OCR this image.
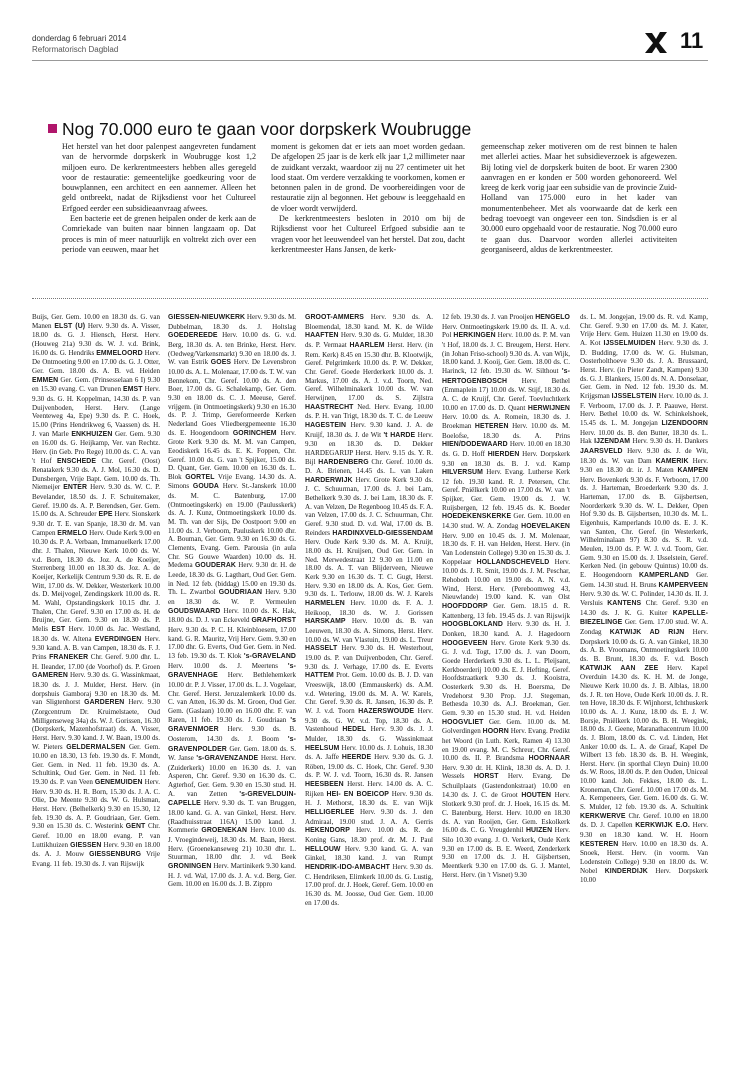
donderdag 6 februari 2014
Reformatorisch Dagblad	11
Nog 70.000 euro te gaan voor dorpskerk Woubrugge

Het herstel van het door palenpest aangevreten fundament van de hervormde dorpskerk in Woubrugge kost 1,2 miljoen euro. De kerkrentmeesters hebben alles geregeld voor de restauratie: gemeentelijke goedkeuring voor de bouwplannen, een architect en een aannemer. Alleen het geld ontbreekt, nadat de Rijksdienst voor het Cultureel Erfgoed eerder een subsidieaanvraag afwees.

Een bacterie eet de grenen heipalen onder de kerk aan de Comriekade van buiten naar binnen langzaam op. Dat proces is min of meer natuurlijk en voltrekt zich over een periode van eeuwen, maar het

moment is gekomen dat er iets aan moet worden gedaan. De afgelopen 25 jaar is de kerk elk jaar 1,2 millimeter naar de zuidkant verzakt, waardoor zij nu 27 centimeter uit het lood staat. Om verdere verzakking te voorkomen, komen er betonnen palen in de grond. De voorbereidingen voor de restauratie zijn al begonnen. Het gebouw is leeggehaald en de vloer wordt verwijderd.

De kerkrentmeesters besloten in 2010 om bij de Rijksdienst voor het Cultureel Erfgoed subsidie aan te vragen voor het leeuwendeel van het herstel. Dat zou, dacht kerkrentmeester Hans Jansen, de kerk-

gemeenschap zeker motiveren om de rest binnen te halen met allerlei acties. Maar het subsidieverzoek is afgewezen. Bij loting viel de dorpskerk buiten de boot. Er waren 2300 aanvragen en er konden er 500 worden gehonoreerd. Wel kreeg de kerk vorig jaar een subsidie van de provincie Zuid-Holland van 175.000 euro in het kader van monumentenbeheer. Met als voorwaarde dat de kerk een bedrag toevoegt van ongeveer een ton. Sindsdien is er al 30.000 euro opgehaald voor de restauratie. Nog 70.000 euro te gaan dus. Daarvoor worden allerlei activiteiten georganiseerd, aldus de kerkrentmeester.

Buijs, Ger. Gem. 10.00 en 18.30 ds. G. van Manen ELST (U) Herv. 9.30 ds. A. Visser, 18.00 ds. G. J. Hiensch, Herst. Herv. (Houweg 21a) 9.30 ds. W. J. v.d. Brink, 16.00 ds. G. Hendriks EMMELOORD Herv. De Ontmoeting 9.00 en 17.00 ds. G. J. Otter, Ger. Gem. 18.00 ds. A. B. vd. Heiden EMMEN Ger. Gem. (Prinsesselaan 6 I) 9.30 en 15.30 evang. C. van Drunen EMST Herv. 9.30 ds. G. H. Koppelman, 14.30 ds. P. van Duijvenboden, Herst. Herv. (Lange Veenteweg 4a, Epe) 9.30 ds. P. C. Hoek, 15.00 (Prins Hendrikweg 6, Vaassen) ds. H. J. van Marle ENKHUIZEN Ger. Gem. 9.30 en 16.00 ds. G. Heijkamp, Ver. van Rechtz. Herv. (in Geb. Pro Rege) 10.00 ds. C. A. van 't Hof ENSCHEDE Chr. Geref. (Oost) Renatakerk 9.30 ds. A. J. Mol, 16.30 ds. D. Dunsbergen, Vrije Bapt. Gem. 10.00 ds. Th. Niemeijer ENTER Herv. 9.30 ds. W. C. P. Bevelander, 18.50 ds. J. F. Schuitemaker, Geref. 19.00 ds. A. P. Berendsen, Ger. Gem. 15.00 ds. A. Schreuder EPE Herv. Sionskerk 9.30 dr. T. E. van Spanje, 18.30 dr. M. van Campen ERMELO Herv. Oude Kerk 9.00 en 10.30 ds. P. A. Verbaan, Immanuelkerk 17.00 dhr. J. Thalen, Nieuwe Kerk 10.00 ds. W. v.d. Born, 18.30 ds. Joz. A. de Koeijer, Sterrenberg 10.00 en 18.30 ds. Joz. A. de Koeijer, Kerkelijk Centrum 9.30 ds. R. E. de Witt, 17.00 ds. W. Dekker, Westerkerk 10.00 ds. D. Meijvogel, Zendingskerk 10.00 ds. R. M. Wahl, Opstandingskerk 10.15 dhr. J. Thalen, Chr. Geref. 9.30 en 17.00 ds. H. de Bruijne, Ger. Gem. 9.30 en 18.30 ds. P. Melis EST Herv. 10.00 ds. Jac. Westland, 18.30 ds. W. Altena EVERDINGEN Herv. 9.30 kand. A. B. van Campen, 18.30 ds. F. J. Prins FRANEKER Chr. Geref. 9.00 dhr. L. H. Ileander, 17.00 (de Voorhof) ds. P. Groen GAMEREN Herv. 9.30 ds. G. Wassinkmaat, 18.30 ds. J. J. Mulder, Herst. Herv. (in dorpshuis Gamboraj 9.30 en 18.30 ds. M. van Sligtenhorst GARDEREN Herv. 9.30 (Zorgcentrum Dr. Kruimelstaete, Oud Milligenseweg 34a) ds. W. J. Gorissen, 16.30 (Dorpskerk, Mazenhofstraat) ds. A. Visser, Herst. Herv. 9.30 kand. J. W. Baan, 19.00 ds. W. Pieters GELDERMALSEN Ger. Gem. 10.00 en 18.30, 13 feb. 19.30 ds. F. Mondt, Ger. Gem. in Ned. 11 feb. 19.30 ds. A. Schultink, Oud Ger. Gem. in Ned. 11 feb. 19.30 ds. P. van Veen GENEMUIDEN Herv. Herv. 9.30 ds. H. R. Born, 15.30 ds. J. A. C. Olie, De Meente 9.30 ds. W. G. Hulsman, Herst. Herv. (Belhelkerk) 9.30 en 15.30, 12 feb. 19.30 ds. A. P. Goudriaan, Ger. Gem. 9.30 en 15.30 ds. C. Westerink GENT Chr. Geref. 10.00 en 18.00 evang. P. van Luttikhuizen GIESSEN Herv. 9.30 en 18.00 ds. A. J. Mouw GIESSENBURG Vrije Evang. 11 feb. 19.30 ds. J. van Rijswijk
GIESSEN-NIEUWKERK Herv. 9.30 ds. M. Dubbelman, 18.30 ds. J. Holtslag GOEDEREEDE Herv. 10.00 ds. G. v.d. Berg, 18.30 ds. A. ten Brinke, Herst. Herv. (Oedweg/Varkensmarkt) 9.30 en 18.00 ds. J. W. van Estrik GOES Herv. De Levensbron 10.00 ds. A. L. Molenaar, 17.00 ds. T. W. van Bennekom, Chr. Geref. 10.00 ds. A. den Boer, 17.00 ds. G. Schalekamp, Ger. Gem. 9.30 en 18.00 ds. C. J. Meeuse, Geref. vrijgem. (in Ontmoetingskerk) 9.30 en 16.30 ds. P. J. Trimp, Gereformeerde Kerken Nederland Goes Vliedbergpemeente 16.30 ds. E. Hoogendoorn GORINCHEM Herv. Grote Kerk 9.30 ds. M. M. van Campen, Eeodiskerk 16.45 ds. E. K. Foppen, Chr. Geref. 10.00 ds. G. van 't Spijker, 15.00 ds. D. Quant, Ger. Gem. 10.00 en 16.30 ds. L. Blok GORTEL Vrije Evang. 14.30 ds. A. Simons GOUDA Herv. St.-Janskerk 10.00 ds. M. C. Batenburg, 17.00 (Ontmoetingskerk) en 19.00 (Paulusskerk) ds. A. J. Kunz, Ontmoetingskerk 10.00 ds. M. Th. van der Sijs, De Oostpoort 9.00 en 11.00 ds. J. Verboom, Pauluskerk 10.00 dhr. A. Bouman, Ger. Gem. 9.30 en 16.30 ds. G. Clements, Evang. Gem. Parousia (in aula Chr. SG Gouwe Waarden) 10.00 ds. H. Medema GOUDERAK Herv. 9.30 dr. H. de Leede, 18.30 ds. G. Lagthart, Oud Ger. Gem. in Ned. 12 feb. (biddag) 15.00 en 19.30 ds. Th. L. Zwartbol GOUDRIAAN Herv. 9.30 en 18.30 ds. W. P. Vermeulen GOUDSWAARD Herv. 10.00 ds. K. Hak, 18.00 ds. D. J. van Eckeveld GRAFHORST Herv. 9.30 ds. P. C. H. Kleinbloesem, 17.00 kand. G. R. Mauritz, Vrij Herv. Gem. 9.30 en 17.00 dhr. G. Everts, Oud Ger. Gem. in Ned. 13 feb. 19.30 ds. T. Klok 's-GRAVELAND Herv. 10.00 ds. J. Meertens 's-GRAVENHAGE Herv. Bethlehemkerk 10.00 dr. P. J. Visser, 17.00 ds. L. J. Vogelaar, Chr. Geref. Herst. Jeruzalemkerk 10.00 ds. C. van Atten, 16.30 ds. M. Groen, Oud Ger. Gem. (Gaslaan) 10.00 en 16.00 dhr. F. van Raren, 11 feb. 19.30 ds. J. Goudriaan 's GRAVENMOER Herv. 9.30 ds. B. Oosterom, 14.30 ds. J. Boom 's-GRAVENPOLDER Ger. Gem. 18.00 ds. S. W. Janse 's-GRAVENZANDE Herst. Herv. (Zuiderkerk) 10.00 en 16.30 ds. J. van Asperen, Chr. Geref. 9.30 en 16.30 ds. C. Agterhof, Ger. Gem. 9.30 en 15.30 stud. H. A. van Zetten 's-GREVELDUIN-CAPELLE Herv. 9.30 ds. T. van Bruggen, 18.00 kand. G. A. van Ginkel, Herst. Herv. (Raadhuisstraat 116A) 15.00 kand. J. Kommerie GROENEKAN Herv. 10.00 ds. J. Vroegindeweij, 18.30 ds. M. Baan, Herst. Herv. (Groenekanseweg 21) 10.30 dhr. L. Stuurman, 18.00 dhr. J. vd. Beek GRONINGEN Herv. Martinikerk 9.30 kand. H. J. vd. Wal, 17.00 ds. J. A. v.d. Berg, Ger. Gem. 10.00 en 16.00 ds. J. B. Zippro
GROOT-AMMERS Herv. 9.30 ds. A. Bloemendal, 18.30 kand. M. K. de Wilde HAAFTEN Herv. 9.30 ds. G. Mulder, 18.30 ds. P. Vermaat HAARLEM Herst. Herv. (in Rem. Kerk) 8.45 en 15.30 dhr. B. Klootwijk, Geref. Pelgrimkerk 10.00 ds. P. W. Dekker, Chr. Geref. Goede Herderkerk 10.00 ds. J. Markus, 17.00 ds. A. J. v.d. Toorn, Ned. Geref. Wilhelminakerk 10.00 ds. W. van Herwijnen, 17.00 ds. S. Zijlstra HAASTRECHT Ned. Herv. Evang. 10.00 ds. P. H. van Trigt, 18.30 ds. T. C. de Leeuw HAGESTEIN Herv. 9.30 kand. J. A. de Kruijf, 18.30 ds. J. de Wit 't HARDE Herv. 9.30 en 18.30 ds. D. Dekker HARDEGARIJP Herst. Herv. 9.15 ds. Y. R. Bijl HARDENBERG Chr. Geref. 10.00 ds. D. A. Brienen, 14.45 ds. L. van Laken HARDERWIJK Herv. Grote Kerk 9.30 ds. J. C. Schuurman, 17.00 ds. J. bei Lam, Bethelkerk 9.30 ds. J. bei Lam, 18.30 ds. F. A. van Velzen, De Regenboog 10.45 ds. F. A. van Velzen, 17.00 ds. J. C. Schuurman, Chr. Geref. 9.30 stud. D. v.d. Wal, 17.00 ds. B. Reinders HARDINXVELD-GIESSENDAM Herv. Oude Kerk 9.30 ds. M. A. Kruijt, 18.00 ds. H. Kruijsen, Oud Ger. Gem. in Ned. Merwedestraat 12 9.30 en 11.00 en 18.00 ds. A. T. van Blijderveen, Nieuwe Kerk 9.30 en 16.30 ds. T. C. Gugt, Herst. Herv. 9.30 en 18.00 ds. A. Kos, Ger. Gem. 9.30 ds. L. Terlouw, 18.00 ds. W. J. Karels HARMELEN Herv. 10.00 ds. F. A. J. Heikoop, 18.30 ds. W. J. Gorissen HARSKAMP Herv. 10.00 ds. B. van Leeuwen, 18.30 ds. A. Simons, Herst. Herv. 10.00 ds. W. van Vlastuin, 19.00 ds. L. Treur HASSELT Herv. 9.30 ds. H. Westerhout, 19.00 ds. P. van Duijvenboden, Chr. Geref. 9.30 ds. J. Verhage, 17.00 ds. E. Everts HATTEM Prot. Gem. 10.00 ds. B. J. D. van Vreeswijk, 18.00 (Emmauskerk) ds. A.M. v.d. Wetering, 19.00 ds. M. A. W. Karels, Chr. Geref. 9.30 ds. R. Jansen, 16.30 ds. P. W. J. v.d. Toorn HAZERSWOUDE Herv. 9.30 ds. G. W. v.d. Top, 18.30 ds. A. Vastenhoud HEDEL Herv. 9.30 ds. J. J. Mulder, 18.30 ds. G. Wassinkmaat HEELSUM Herv. 10.00 ds. J. Lohuis, 18.30 ds. A. Jaffe HEERDE Herv. 9.30 ds. G. J. Röben, 19.00 ds. C. Hoek, Chr. Geref. 9.30 ds. P. W. J. v.d. Toorn, 16.30 ds. R. Jansen HEESBEEN Herst. Herv. 14.00 ds. A. C. Rijken HEI- EN BOEICOP Herv. 9.30 ds. H. J. Methorst, 18.30 ds. E. van Wijk HELLIGERLEE Herv. 9.30 ds. J. den Admiraal, 19.00 stud. J. A. A. Gerris HEKENDORP Herv. 10.00 ds. R. de Koning Gans, 18.30 prof. dr. M. J. Paul HELLOUW Herv. 9.30 kand. G. A. van Ginkel, 18.30 kand. J. van Rumpt HENDRIK-IDO-AMBACHT Herv. 9.30 ds. C. Hendriksen, Elimkerk 10.00 ds. G. Lustig, 17.00 prof. dr. J. Hoek, Geref. Gem. 10.00 en 16.30 ds. M. Joosse, Oud Ger. Gem. 10.00 en 17.00 ds.
12 feb. 19.30 ds. J. van Prooijen HENGELO Herv. Ontmoetingskerk 19.00 ds. II. A. v.d. Pol HERKINGEN Herv. 10.00 ds. P. M. van 't Hof, 18.00 ds. J. C. Breugem, Herst. Herv. (in Johan Friso-school) 9.30 ds. A. van Wijk, 18.00 kand. J. Kooij, Ger. Gem. 18.00 ds. C. Harinck, 12 feb. 19.30 ds. W. Silthout 's-HERTOGENBOSCH Herv. Bethel (Emmaplein 17) 10.00 ds. W. Stijf, 18.30 ds. A. C. de Kruijf, Chr. Geref. Toevluchtkerk 10.00 en 17.00 ds. D. Quant HERWIJNEN Herv. 10.00 ds. A. Romein, 18.30 ds. J. Broekman HETEREN Herv. 10.00 ds. M. Boelofse, 18.30 ds. A. Prins HIEN/DODEWAARD Herv. 10.00 en 18.30 ds. G. D. Hoff HIERDEN Herv. Dorpskerk 9.30 en 18.30 ds. B. J. v.d. Kamp HILVERSUM Herv. Evang. Lutherse Kerk 12 feb. 19.30 kand. R. J. Petersen, Chr. Geref. Pniëlkerk 10.00 en 17.00 ds. W. van 't Spijker, Ger. Gem. 19.00 ds. J. W. Ruijsbergen, 12 feb. 19.45 ds. K. Boeder HOEDEKENSKERKE Ger. Gem. 10.00 en 14.30 stud. W. A. Zondag HOEVELAKEN Herv. 9.00 en 10.45 ds. J. M. Molenaar, 18.30 ds. F. H. van Helden, Herst. Herv. (in Van Lodenstein College) 9.30 en 15.30 ds. J. Koppelaar HOLLANDSCHEVELD Herv. 10.00 ds. J. R. Smit, 19.00 ds. J. M. Peschar, Rehoboth 10.00 en 19.00 ds. A. N. v.d. Wind, Herst. Herv. (Pereboomweg 43, Nieuwlande) 19.00 kand. K. van Olst HOOFDDORP Ger. Gem. 18.15 d. R. Kattenberg, 13 feb. 19.45 ds. J. van Rijswijk HOOGBLOKLAND Herv. 9.30 ds. H. J. Donken, 18.30 kand. A. J. Hagedoorn HOOGEVEEN Herv. Grote Kerk 9.30 ds. G. J. v.d. Togt, 17.00 ds. J. van Doorn, Goede Herderkerk 9.30 ds. L. L. Pleijsant, Kerkboerderij 10.00 ds. E. J. Hefting, Geref. Hoofdstraatkerk 9.30 ds. J. Kooistra, Oosterkerk 9.30 ds. H. Boersma, De Vredehorst 9.30 Prop. J.J. Stegeman, Bethesda 10.30 ds. A.J. Broekman, Ger. Gem. 9.30 en 15.30 stud. H. v.d. Heiden HOOGVLIET Ger. Gem. 10.00 ds. M. Golverdingen HOORN Herv. Evang. Predikt het Woord (in Luth. Kerk, Ramen 4) 13.30 en 19.00 evang. M. C. Schreur, Chr. Geref. 10.00 ds. II. P. Brandsma HOORNAAR Herv. 9.30 dr. H. Klink, 18.30 ds. A. D. J. Wessels HORST Herv. Evang. De Schuilplaats (Gastendonkstraat) 10.00 en 14.30 ds. J. C. de Groot HOUTEN Herv. Slotkerk 9.30 prof. dr. J. Hoek, 16.15 ds. M. C. Batenburg, Herst. Herv. 10.00 en 18.30 ds. A. van Rooijen, Ger. Gem. Eskolkerk 16.00 ds. C. G. Vreugdenhil HUIZEN Herv. Silo 10.30 evang. J. O. Verkerk, Oude Kerk 9.30 en 17.00 ds. B. E. Weerd, Zenderkerk 9.30 en 17.00 ds. J. H. Gijsbertsen, Meentkerk 9.30 en 17.00 ds. G. J. Mantel, Herst. Herv. (in 't Visnet) 9.30
ds. L. M. Jongejan, 19.00 ds. R. v.d. Kamp, Chr. Geref. 9.30 en 17.00 ds. M. J. Kater, Vrije Herv. Gem. Huizen 11.30 en 19.00 ds. A. Kot IJSSELMUIDEN Herv. 9.30 ds. J. D. Budding, 17.00 ds. W. G. Hulsman, Oosterholthoeve 9.30 ds. J. A. Brussaard, Herst. Herv. (in Pieter Zandt, Kampen) 9.30 ds. G. J. Blankers, 15.00 ds. N. A. Donselaar, Ger. Gem. in Ned. 12 feb. 19.30 ds. M. Krijgsman IJSSELSTEIN Herv. 10.00 ds. J. F. Verboom, 17.00 ds. J. P. Paauwe, Herst. Herv. Bethel 10.00 ds. W. Schinkelshoek, 15.45 ds. L. M. Jongejan LIZENDOORN Herv. 10.00 ds. B. den Butter, 18.30 ds. L. Hak IJZENDAM Herv. 9.30 ds. H. Dankers JAARSVELD Herv. 9.30 ds. J. de Wit, 18.30 ds. W. van Dam KAMERIK Herv. 9.30 en 18.30 dr. ir. J. Maten KAMPEN Herv. Bovenkerk 9.30 ds. F. Verboom, 17.00 ds. J. Harteman, Broederkerk 9.30 ds. J. Harteman, 17.00 ds. B. Gijsbertsen, Noorderkerk 9.30 ds. W. L. Dekker, Open Hof 9.30 ds. B. Gijsbertsen, 10.30 ds. M. L. Eigenhuis, Kamperlands 10.00 ds. E. J. K. van Santen, Chr. Geref. (in Westerkerk, Wilhelminalaan 97) 8.30 ds. S. R. v.d. Meulen, 19.00 ds. P. W. J. v.d. Toorn, Ger. Gem. 9.30 en 15.00 ds. J. IJsselstein, Geref. Kerken Ned. (in gebouw Quintus) 10.00 ds. E. Hoogendoorn KAMPERLAND Ger. Gem. 14.30 stud. H. Bruns KAMPERVEEN Herv. 9.30 ds. W. C. Polinder, 14.30 ds. II. J. Versluis KANTENS Chr. Geref. 9.30 en 14.30 ds. J. K. G. Kuiter KAPELLE-BIEZELINGE Ger. Gem. 17.00 stud. W. A. Zondag KATWIJK AD RIJN Herv. Dorpskerk 10.00 ds. G. A. van Ginkel, 18.30 ds. A. B. Vroomans, Ontmoetingskerk 10.00 ds. B. Brunt, 18.30 ds. F. v.d. Bosch KATWIJK AAN ZEE Herv. Kapel Overduin 14.30 ds. K. H. M. de Jonge, Nieuwe Kerk 10.00 ds. J. B. Alblas, 18.00 ds. J. R. ten Hove, Oude Kerk 10.00 ds. J. R. ten Hove, 18.30 ds. F. Wijnhorst, Ichthuskerk 10.00 ds. A. J. Kunz, 18.00 ds. E. J. W. Borsje, Pniëlkerk 10.00 ds. B. H. Weegink, 18.00 ds. J. Geene, Maranathacentrum 10.00 ds. J. Blom, 18.00 ds. C. v.d. Linden, Het Anker 10.00 ds. L. A. de Graaf, Kapel De Wilbert 13 feb. 18.30 ds. B. H. Weegink, Herst. Herv. (in sporthal Cleyn Duin) 10.00 ds. W. Roos, 18.00 ds. P. den Ouden, Uniceal 10.00 kand. Joh. Fekkes, 18.00 ds. L. Kroneman, Chr. Geref. 10.00 en 17.00 ds. M. A. Kempeneers, Ger. Gem. 16.00 ds. G. W. S. Mulder, 12 feb. 19.30 ds. A. Schultink KERKWERVE Chr. Geref. 10.00 en 18.00 ds. D. J. Capellen KERKWIJK E.O. Herv. 9.30 en 18.30 kand. W. H. Hoorn KESTEREN Herv. 10.00 en 18.30 ds. A. Snoek, Herst. Herv. (in voorm. Van Lodenstein College) 9.30 en 18.00 ds. W. Nobel KINDERDIJK Herv. Dorpskerk 10.00
